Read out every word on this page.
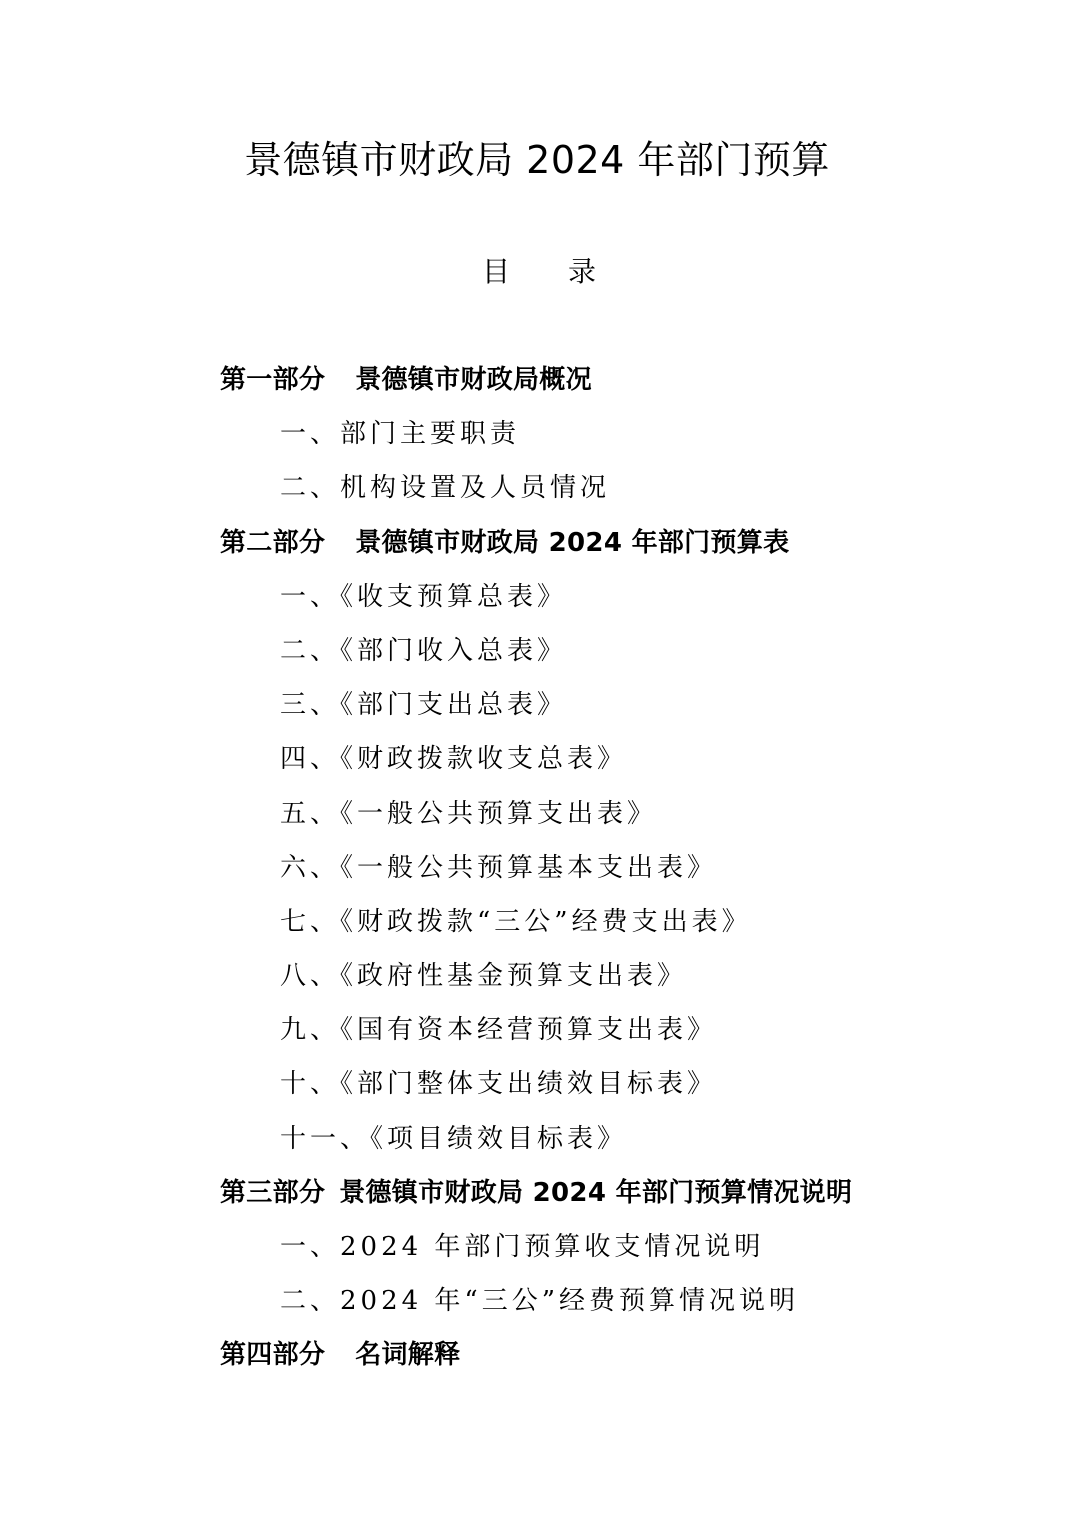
景德镇市财政局 2024 年部门预算
目 录
第一部分 景德镇市财政局概况
一、部门主要职责
二、机构设置及人员情况
第二部分 景德镇市财政局 2024 年部门预算表
一、《收支预算总表》
二、《部门收入总表》
三、《部门支出总表》
四、《财政拨款收支总表》
五、《一般公共预算支出表》
六、《一般公共预算基本支出表》
七、《财政拨款“三公”经费支出表》
八、《政府性基金预算支出表》
九、《国有资本经营预算支出表》
十、《部门整体支出绩效目标表》
十一、《项目绩效目标表》
第三部分 景德镇市财政局 2024 年部门预算情况说明
一、2024 年部门预算收支情况说明
二、2024 年“三公”经费预算情况说明
第四部分 名词解释
